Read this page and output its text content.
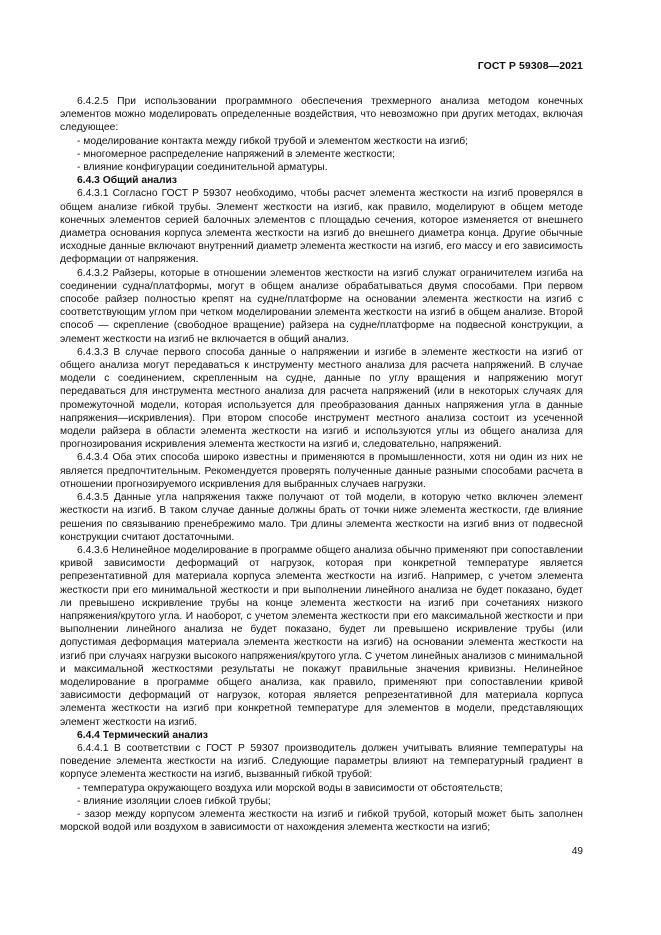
ГОСТ Р 59308—2021

6.4.2.5 При использовании программного обеспечения трехмерного анализа методом конечных элементов можно моделировать определенные воздействия, что невозможно при других методах, включая следующее:

- моделирование контакта между гибкой трубой и элементом жесткости на изгиб;

- многомерное распределение напряжений в элементе жесткости;

- влияние конфигурации соединительной арматуры.

6.4.3 Общий анализ

6.4.3.1 Согласно ГОСТ Р 59307 необходимо, чтобы расчет элемента жесткости на изгиб проверялся в общем анализе гибкой трубы. Элемент жесткости на изгиб, как правило, моделируют в общем методе конечных элементов серией балочных элементов с площадью сечения, которое изменяется от внешнего диаметра основания корпуса элемента жесткости на изгиб до внешнего диаметра конца. Другие обычные исходные данные включают внутренний диаметр элемента жесткости на изгиб, его массу и его зависимость деформации от напряжения.

6.4.3.2 Райзеры, которые в отношении элементов жесткости на изгиб служат ограничителем изгиба на соединении судна/платформы, могут в общем анализе обрабатываться двумя способами. При первом способе райзер полностью крепят на судне/платформе на основании элемента жесткости на изгиб с соответствующим углом при четком моделировании элемента жесткости на изгиб в общем анализе. Второй способ — скрепление (свободное вращение) райзера на судне/платформе на подвесной конструкции, а элемент жесткости на изгиб не включается в общий анализ.

6.4.3.3 В случае первого способа данные о напряжении и изгибе в элементе жесткости на изгиб от общего анализа могут передаваться к инструменту местного анализа для расчета напряжений. В случае модели с соединением, скрепленным на судне, данные по углу вращения и напряжению могут передаваться для инструмента местного анализа для расчета напряжений (или в некоторых случаях для промежуточной модели, которая используется для преобразования данных напряжения угла в данные напряжения—искривления). При втором способе инструмент местного анализа состоит из усеченной модели райзера в области элемента жесткости на изгиб и используются углы из общего анализа для прогнозирования искривления элемента жесткости на изгиб и, следовательно, напряжений.

6.4.3.4 Оба этих способа широко известны и применяются в промышленности, хотя ни один из них не является предпочтительным. Рекомендуется проверять полученные данные разными способами расчета в отношении прогнозируемого искривления для выбранных случаев нагрузки.

6.4.3.5 Данные угла напряжения также получают от той модели, в которую четко включен элемент жесткости на изгиб. В таком случае данные должны брать от точки ниже элемента жесткости, где влияние решения по связыванию пренебрежимо мало. Три длины элемента жесткости на изгиб вниз от подвесной конструкции считают достаточными.

6.4.3.6 Нелинейное моделирование в программе общего анализа обычно применяют при сопоставлении кривой зависимости деформаций от нагрузок, которая при конкретной температуре является репрезентативной для материала корпуса элемента жесткости на изгиб. Например, с учетом элемента жесткости при его минимальной жесткости и при выполнении линейного анализа не будет показано, будет ли превышено искривление трубы на конце элемента жесткости на изгиб при сочетаниях низкого напряжения/крутого угла. И наоборот, с учетом элемента жесткости при его максимальной жесткости и при выполнении линейного анализа не будет показано, будет ли превышено искривление трубы (или допустимая деформация материала элемента жесткости на изгиб) на основании элемента жесткости на изгиб при случаях нагрузки высокого напряжения/крутого угла. С учетом линейных анализов с минимальной и максимальной жесткостями результаты не покажут правильные значения кривизны. Нелинейное моделирование в программе общего анализа, как правило, применяют при сопоставлении кривой зависимости деформаций от нагрузок, которая является репрезентативной для материала корпуса элемента жесткости на изгиб при конкретной температуре для элементов в модели, представляющих элемент жесткости на изгиб.

6.4.4 Термический анализ

6.4.4.1 В соответствии с ГОСТ Р 59307 производитель должен учитывать влияние температуры на поведение элемента жесткости на изгиб. Следующие параметры влияют на температурный градиент в корпусе элемента жесткости на изгиб, вызванный гибкой трубой:

- температура окружающего воздуха или морской воды в зависимости от обстоятельств;

- влияние изоляции слоев гибкой трубы;

- зазор между корпусом элемента жесткости на изгиб и гибкой трубой, который может быть заполнен морской водой или воздухом в зависимости от нахождения элемента жесткости на изгиб;

49
